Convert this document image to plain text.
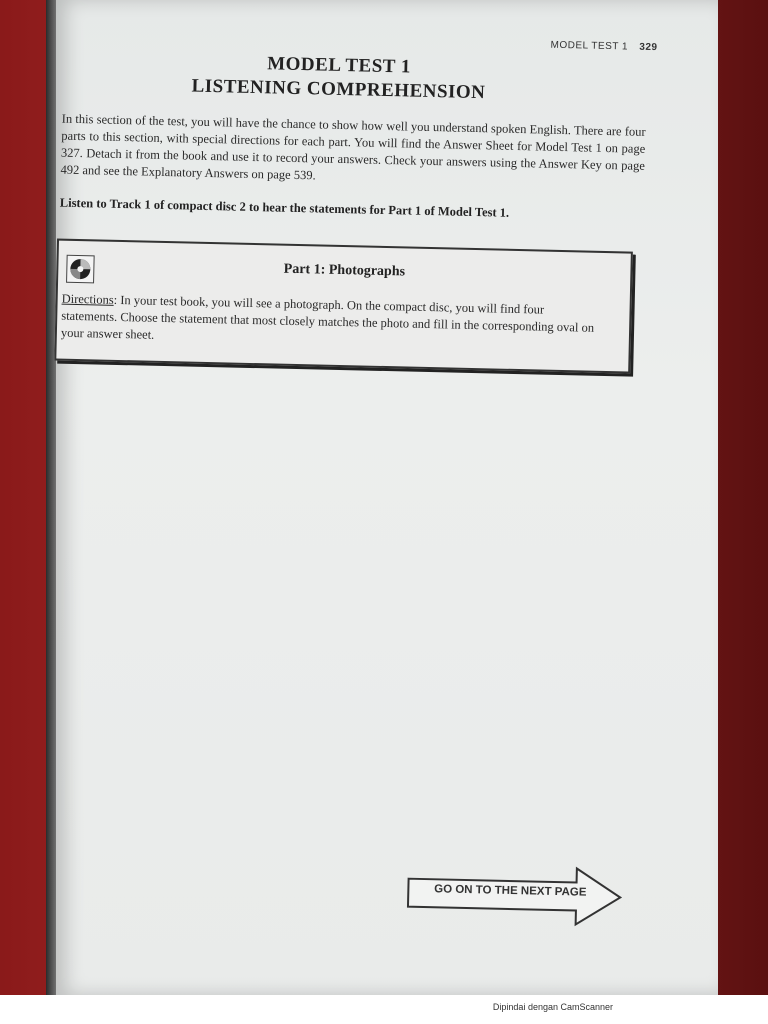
MODEL TEST 1 329
MODEL TEST 1
LISTENING COMPREHENSION
In this section of the test, you will have the chance to show how well you understand spoken English. There are four parts to this section, with special directions for each part. You will find the Answer Sheet for Model Test 1 on page 327. Detach it from the book and use it to record your answers. Check your answers using the Answer Key on page 492 and see the Explanatory Answers on page 539.
Listen to Track 1 of compact disc 2 to hear the statements for Part 1 of Model Test 1.
Part 1: Photographs
Directions: In your test book, you will see a photograph. On the compact disc, you will find four statements. Choose the statement that most closely matches the photo and fill in the corresponding oval on your answer sheet.
GO ON TO THE NEXT PAGE
Dipindai dengan CamScanner
